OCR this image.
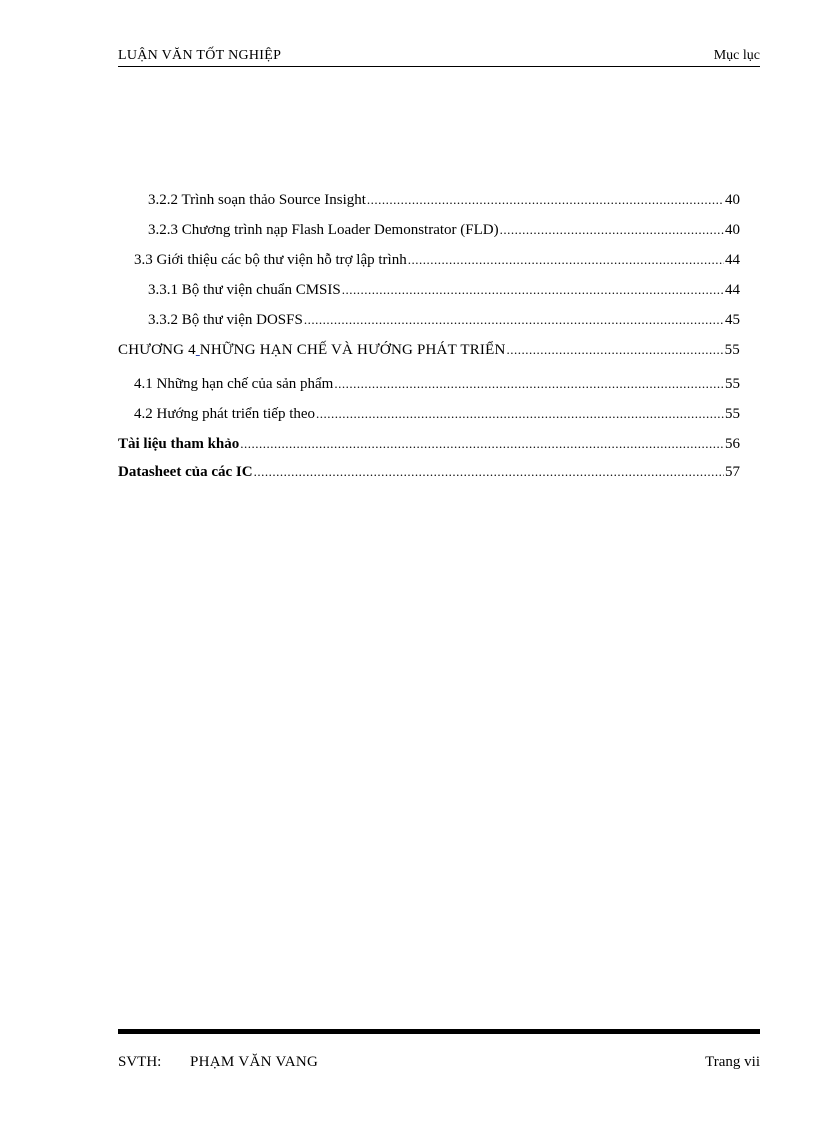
LUẬN VĂN TỐT NGHIỆP	Mục lục
3.2.2 Trình soạn thảo Source Insight .....	40
3.2.3 Chương trình nạp Flash Loader Demonstrator (FLD) .....	40
3.3 Giới thiệu các bộ thư viện hỗ trợ lập trình .....	44
3.3.1 Bộ thư viện chuẩn CMSIS .....	44
3.3.2 Bộ thư viện DOSFS .....	45
CHƯƠNG 4 NHỮNG HẠN CHẾ VÀ HƯỚNG PHÁT TRIỂN .....	55
4.1 Những hạn chế của sản phẩm .....	55
4.2 Hướng phát triển tiếp theo .....	55
Tài liệu tham khảo .....	56
Datasheet của các IC .....	57
SVTH: PHẠM VĂN VANG	Trang vii
